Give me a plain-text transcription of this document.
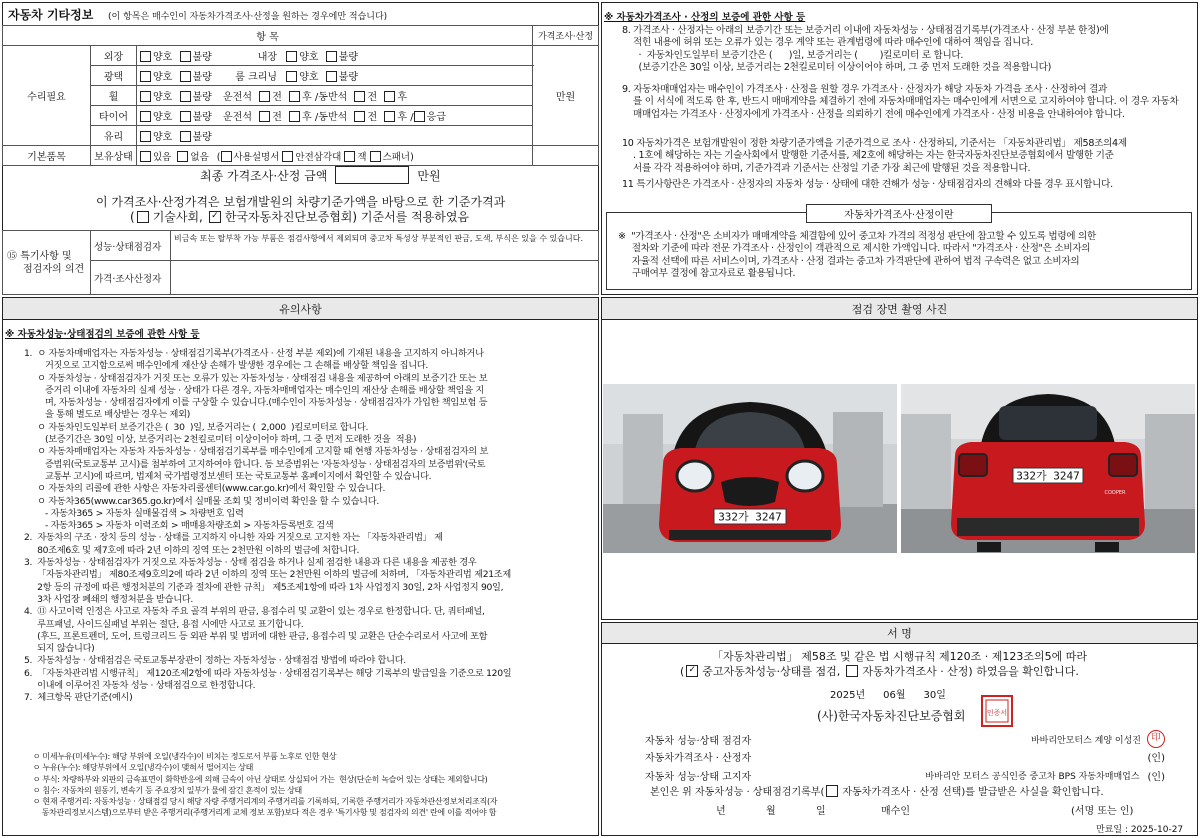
자동차 기타정보 (이 항목은 매수인이 자동차가격조사·산정을 원하는 경우에만 적습니다)
항 목			가격조사·산정
수리필요	외장	양호 불량 내장 양호 불량	만원
	광택	양호 불량 룸 크리닝 양호 불량	
	휠	양호 불량 운전석 전 후 /동반석 전 후	
	타이어	양호 불량 운전석 전 후 /동반석 전 후 / 응급	
	유리	양호 불량	
기본품목	보유상태	있음 없음 ( 사용설명서 안전삼각대 잭 스패너)	
최종 가격조사·산정 금액	만원
이 가격조사·산정가격은 보험개발원의 차량기준가액을 바탕으로 한 기준가격과
( 기술사회, ✓ 한국자동차진단보증협회) 기준서를 적용하였음
⑮ 특기사항 및
점검자의 의견	성능·상태점검자	비금속 또는 탈부착 가능 부품은 점검사항에서 제외되며 중고차 특성상 부분적인 판금, 도색, 부식은 있을 수 있습니다.
	가격·조사산정자	
※ 자동차가격조사 · 산정의 보증에 관한 사항 등
8. 가격조사 · 산정자는 아래의 보증기간 또는 보증거리 이내에 자동차성능 · 상태점검기록부(가격조사 · 산정 부분 한정)에
적힌 내용에 허위 또는 오류가 있는 경우 계약 또는 관계법령에 따라 매수인에 대하여 책임을 집니다.
·  자동차인도일부터 보증기간은 (      )일, 보증거리는 (        )킬로미터 로 합니다.
(보증기간은 30일 이상, 보증거리는 2천킬로미터 이상이어야 하며, 그 중 먼저 도래한 것을 적용합니다)
9. 자동차매매업자는 매수인이 가격조사 · 산정을 원할 경우 가격조사 · 산정자가 해당 자동차 가격을 조사 · 산정하여 결과
를 이 서식에 적도록 한 후, 반드시 매매계약을 체결하기 전에 자동차매매업자는 매수인에게 서면으로 고지하여야 합니다. 이 경우 자동차
매매업자는 가격조사 · 산정자에게 가격조사 · 산정을 의뢰하기 전에 매수인에게 가격조사 · 산정 비용을 안내하여야 합니다.
10 자동차가격은 보험개발원이 정한 차량기준가액을 기준가격으로 조사 · 산정하되, 기준서는 「자동차관리법」 제58조의4제
. 1호에 해당하는 자는 기술사회에서 발행한 기준서를, 제2호에 해당하는 자는 한국자동차진단보증협회에서 발행한 기준
서를 각각 적용하여야 하며, 기준가격과 기준서는 산정일 기준 가장 최근에 발행된 것을 적용합니다.
11 특기사항란은 가격조사 · 산정자의 자동차 성능 · 상태에 대한 견해가 성능 · 상태점검자의 견해와 다를 경우 표시합니다.
자동차가격조사·산정이란
※  "가격조사 · 산정"은 소비자가 매매계약을 체결함에 있어 중고차 가격의 적정성 판단에 참고할 수 있도록 법령에 의한
절차와 기준에 따라 전문 가격조사 · 산정인이 객관적으로 제시한 가액입니다. 따라서 "가격조사 · 산정"은 소비자의
자율적 선택에 따른 서비스이며, 가격조사 · 산정 결과는 중고차 가격판단에 관하여 법적 구속력은 없고 소비자의
구매여부 결정에 참고자료로 활용됩니다.
유의사항
※ 자동차성능·상태점검의 보증에 관한 사항 등
1.  ㅇ 자동차매매업자는 자동차성능 · 상태점검기록부(가격조사 · 산정 부분 제외)에 기재된 내용을 고지하지 아니하거나
거짓으로 고지함으로써 매수인에게 재산상 손해가 발생한 경우에는 그 손해를 배상할 책임을 집니다.
ㅇ 자동차성능 · 상태점검자가 거짓 또는 오류가 있는 자동차성능 · 상태점검 내용을 제공하여 아래의 보증기간 또는 보
증거리 이내에 자동차의 실제 성능 · 상태가 다른 경우, 자동차매매업자는 매수인의 재산상 손해를 배상할 책임을 지
며, 자동차성능 · 상태점검자에게 이를 구상할 수 있습니다.(매수인이 자동차성능 · 상태점검자가 가입한 책임보험 등
을 통해 별도로 배상받는 경우는 제외)
ㅇ 자동차인도일부터 보증기간은 (  30  )일, 보증거리는 (  2,000  )킬로미터로 합니다.
(보증기간은 30일 이상, 보증거리는 2천킬로미터 이상이어야 하며, 그 중 먼저 도래한 것을  적용)
ㅇ 자동차매매업자는 자동차 자동차성능 · 상태점검기록부를 매수인에게 고지할 때 현행 자동차성능 · 상태점검자의 보
증범위(국토교통부 고시)를 첨부하여 고지하여야 합니다. 동 보증범위는 '자동차성능 · 상태점검자의 보증범위'(국토
교통부 고시)에 따르며, 법제처 국가법령정보센터 또는 국토교통부 홈페이지에서 확인할 수 있습니다.
ㅇ 자동차의 리콜에 관한 사항은 자동차리콜센터(www.car.go.kr)에서 확인할 수 있습니다.
ㅇ 자동차365(www.car365.go.kr)에서 실매물 조회 및 정비이력 확인을 할 수 있습니다.
- 자동차365 > 자동차 실매물검색 > 차량번호 입력
- 자동차365 > 자동차 이력조회 > 매매용차량조회 > 자동차등록번호 검색
2.  자동차의 구조 · 장치 등의 성능 · 상태를 고지하지 아니한 자와 거짓으로 고지한 자는 「자동차관리법」 제
80조제6호 및 제7호에 따라 2년 이하의 징역 또는 2천만원 이하의 벌금에 처합니다.
3.  자동차성능 · 상태점검자가 거짓으로 자동차성능 · 상태 점검을 하거나 실제 점검한 내용과 다른 내용을 제공한 경우
「자동차관리법」 제80조제9호의2에 따라 2년 이하의 징역 또는 2천만원 이하의 벌금에 처하며, 「자동차관리법 제21조제
2항 등의 규정에 따른 행정처분의 기준과 절차에 관한 규칙」 제5조제1항에 따라 1차 사업정지 30일, 2차 사업정지 90일,
3차 사업장 폐쇄의 행정처분을 받습니다.
4.  ⑪ 사고이력 인정은 사고로 자동차 주요 골격 부위의 판금, 용접수리 및 교환이 있는 경우로 한정합니다. 단, 쿼터패널,
루프패널, 사이드실패널 부위는 절단, 용접 시에만 사고로 표기합니다.
(후드, 프론트펜더, 도어, 트렁크리드 등 외판 부위 및 범퍼에 대한 판금, 용접수리 및 교환은 단순수리로서 사고에 포함
되지 않습니다)
5.  자동차성능 · 상태점검은 국토교통부장관이 정하는 자동차성능 · 상태점검 방법에 따라야 합니다.
6.  「자동차관리법 시행규칙」 제120조제2항에 따라 자동차성능 · 상태점검기록부는 해당 기록부의 발급일을 기준으로 120일
이내에 이루어진 자동차 성능 · 상태점검으로 한정합니다.
7.  체크항목 판단기준(예시)
ㅇ 미세누유(미세누수): 해당 부위에 오일(냉각수)이 비치는 정도로서 부품 노후로 인한 현상
ㅇ 누유(누수): 해당부위에서 오일(냉각수)이 맺혀서 떨어지는 상태
ㅇ 부식: 차량하부와 외판의 금속표면이 화학반응에 의해 금속이 아닌 상태로 상실되어 가는  현상(단순히 녹슬어 있는 상태는 제외합니다)
ㅇ 침수: 자동차의 원동기, 변속기 등 주요장치 일부가 물에 잠긴 흔적이 있는 상태
ㅇ 현재 주행거리: 자동차성능 · 상태점검 당시 해당 자량 주행거리계의 주행거리를 기록하되, 기록한 주행거리가 자동차관산정보처리조직(자
동차관리정보시스템)으로부터 받은 주행거리(주행거리계 교체 정보 포함)보다 적은 경우 '특기사항 및 점검자의 의견' 란에 이를 적어야 함
점검 장면 촬영 사진
332가 3247
332가 3247
COOPER
서 명
「자동차관리법」 제58조 및 같은 법 시행규칙 제120조 · 제123조의5에 따라
( ✓ 중고자동차성능·상태를 점검, 자동차가격조사 · 산정) 하였음을 확인합니다.
2025년 06월 30일
(사)한국자동차진단보증협회	인증서
자동차 성능·상태 점검자	바바리안모터스 계양 이성진	印
자동차가격조사 · 산정자	(인)
자동차 성능·상태 고지자	바바리안 모터스 공식인증 중고차 BPS 자동차매매업스 (인)
본인은 위 자동차성능 · 상태점검기록부( 자동차가격조사 · 산정 선택)를 발급받은 사실을 확인합니다.
년	월	일	매수인	(서명 또는 인)
만료일 : 2025-10-27
